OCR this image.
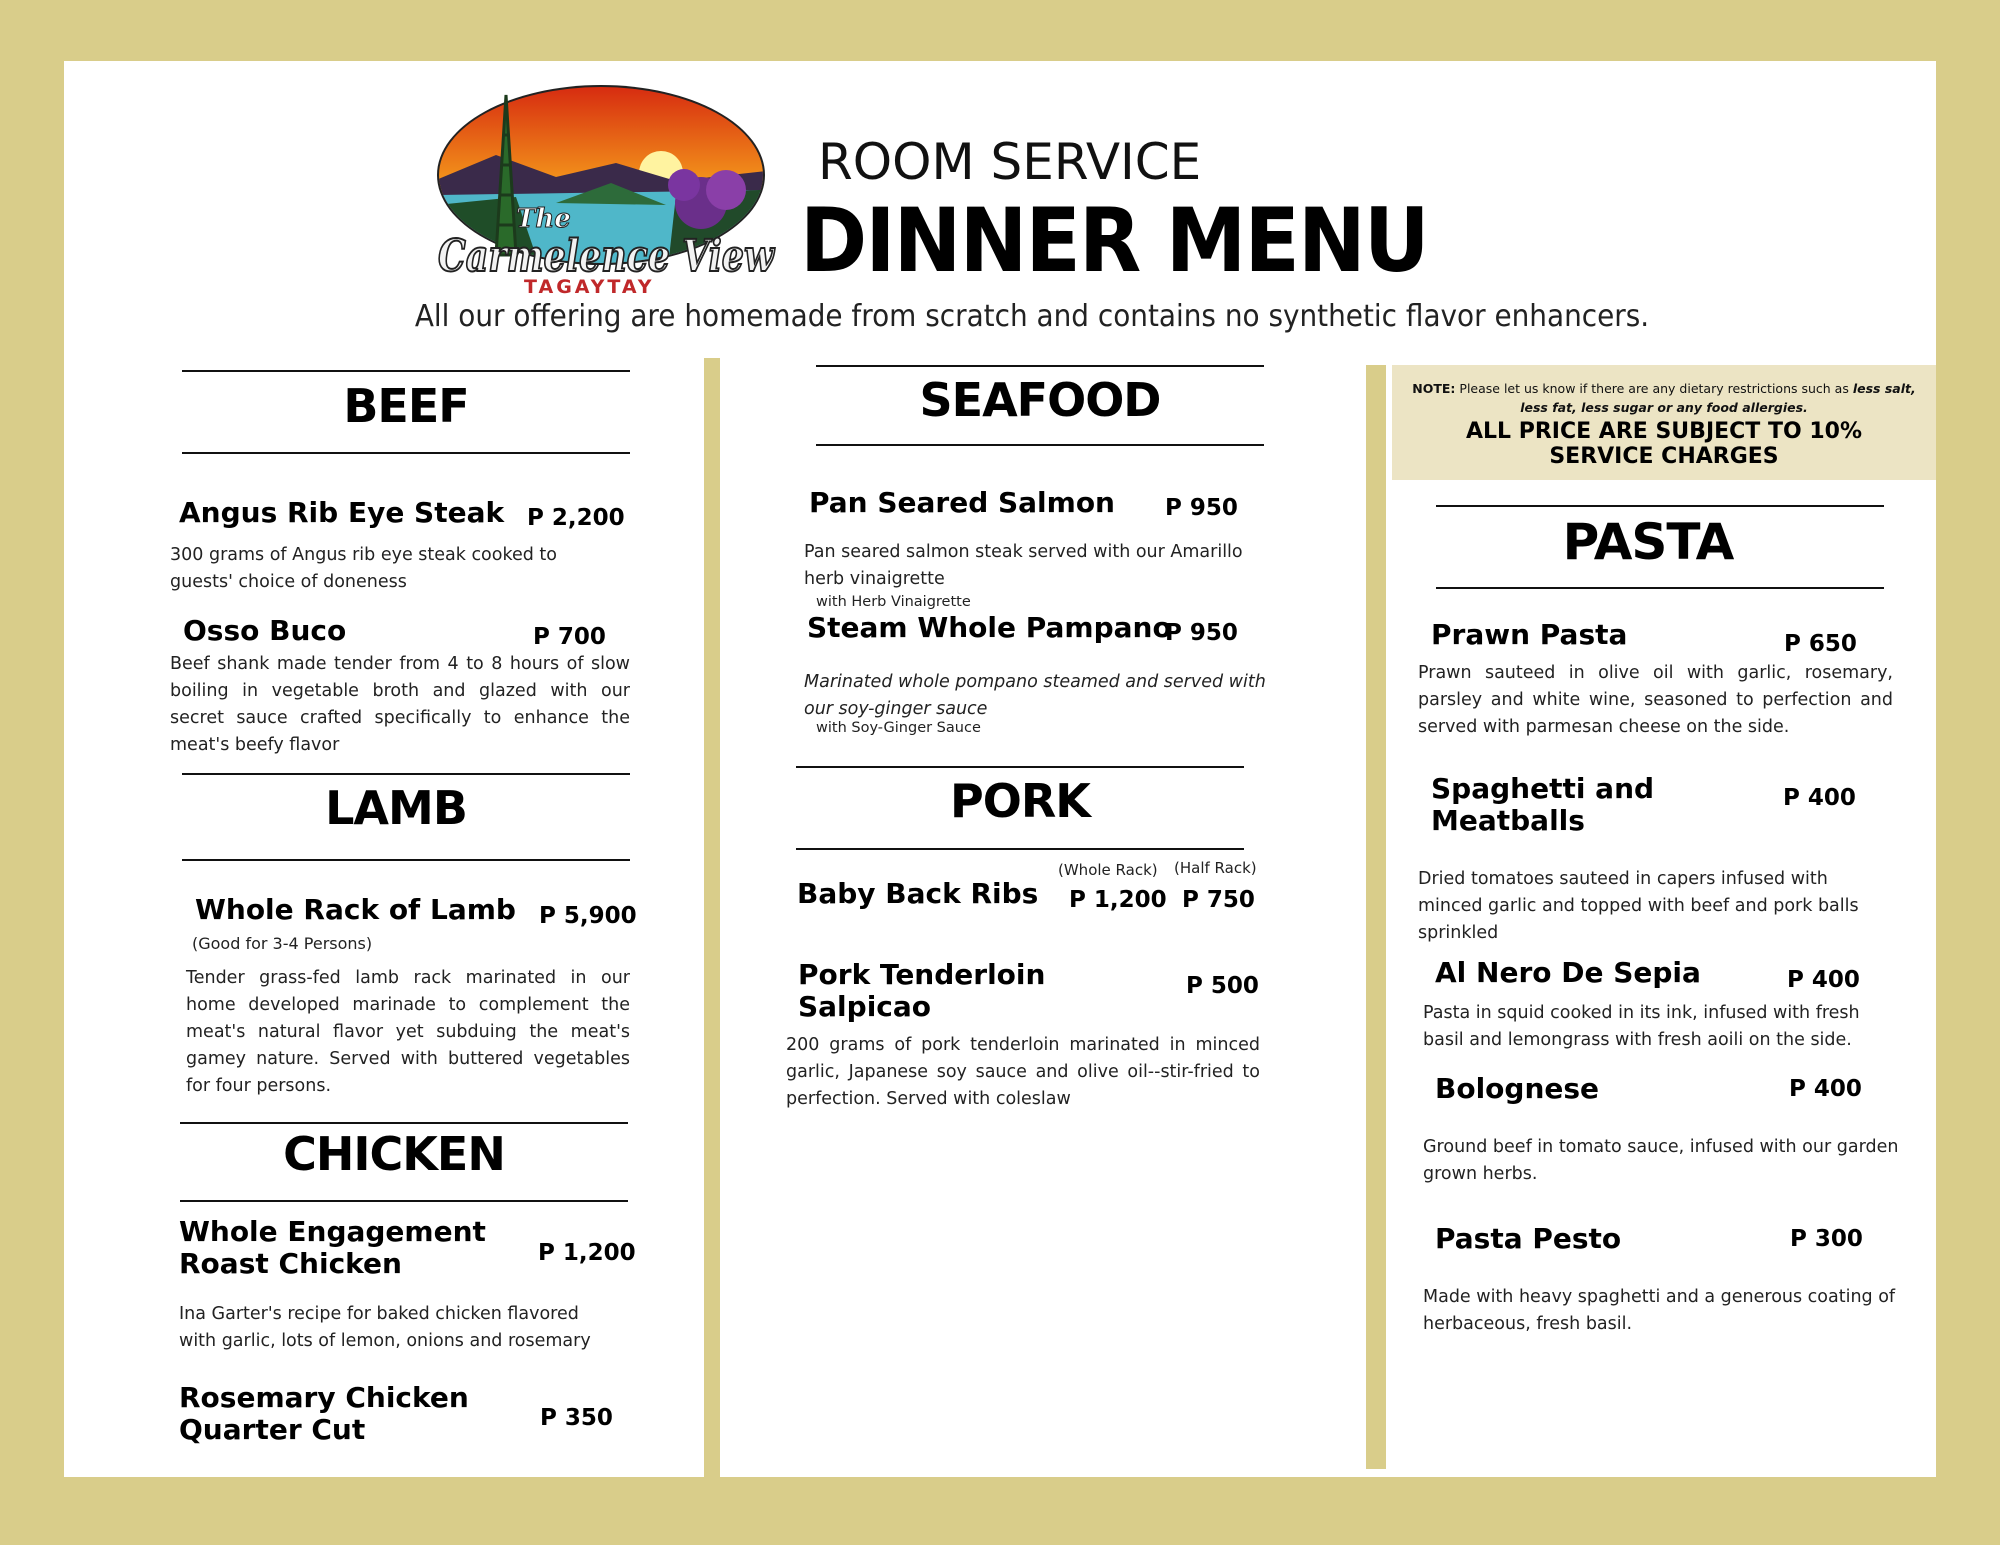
The
Carmelence View
TAGAYTAY
ROOM SERVICE
DINNER MENU
All our offering are homemade from scratch and contains no synthetic flavor enhancers.
BEEF
Angus Rib Eye Steak P 2,200
300 grams of Angus rib eye steak cooked to guests' choice of doneness
Osso Buco	P 700
Beef shank made tender from 4 to 8 hours of slow boiling in vegetable broth and glazed with our secret sauce crafted specifically to enhance the meat's beefy flavor
LAMB
Whole Rack of Lamb P 5,900
(Good for 3-4 Persons)
Tender grass-fed lamb rack marinated in our home developed marinade to complement the meat's natural flavor yet subduing the meat's gamey nature. Served with buttered vegetables for four persons.
CHICKEN
Whole Engagement
Roast Chicken	P 1,200
Ina Garter's recipe for baked chicken flavored with garlic, lots of lemon, onions and rosemary
Rosemary Chicken
Quarter Cut	P 350
SEAFOOD
Pan Seared Salmon P 950
Pan seared salmon steak served with our Amarillo herb vinaigrette
with Herb Vinaigrette
Steam Whole Pampano
P 950
Marinated whole pompano steamed and served with our soy-ginger sauce
with Soy-Ginger Sauce
PORK
Baby Back Ribs
(Whole Rack) (Half Rack)
P 1,200 P 750
Pork Tenderloin
Salpicao
P 500
200 grams of pork tenderloin marinated in minced garlic, Japanese soy sauce and olive oil--stir-fried to perfection. Served with coleslaw
NOTE: Please let us know if there are any dietary restrictions such as less salt,
less fat, less sugar or any food allergies.
ALL PRICE ARE SUBJECT TO 10% SERVICE CHARGES
PASTA
Prawn Pasta	P 650
Prawn sauteed in olive oil with garlic, rosemary, parsley and white wine, seasoned to perfection and served with parmesan cheese on the side.
Spaghetti and
Meatballs
P 400
Dried tomatoes sauteed in capers infused with minced garlic and topped with beef and pork balls sprinkled
Al Nero De Sepia	P 400
Pasta in squid cooked in its ink, infused with fresh basil and lemongrass with fresh aoili on the side.
Bolognese	P 400
Ground beef in tomato sauce, infused with our garden grown herbs.
Pasta Pesto	P 300
Made with heavy spaghetti and a generous coating of herbaceous, fresh basil.
